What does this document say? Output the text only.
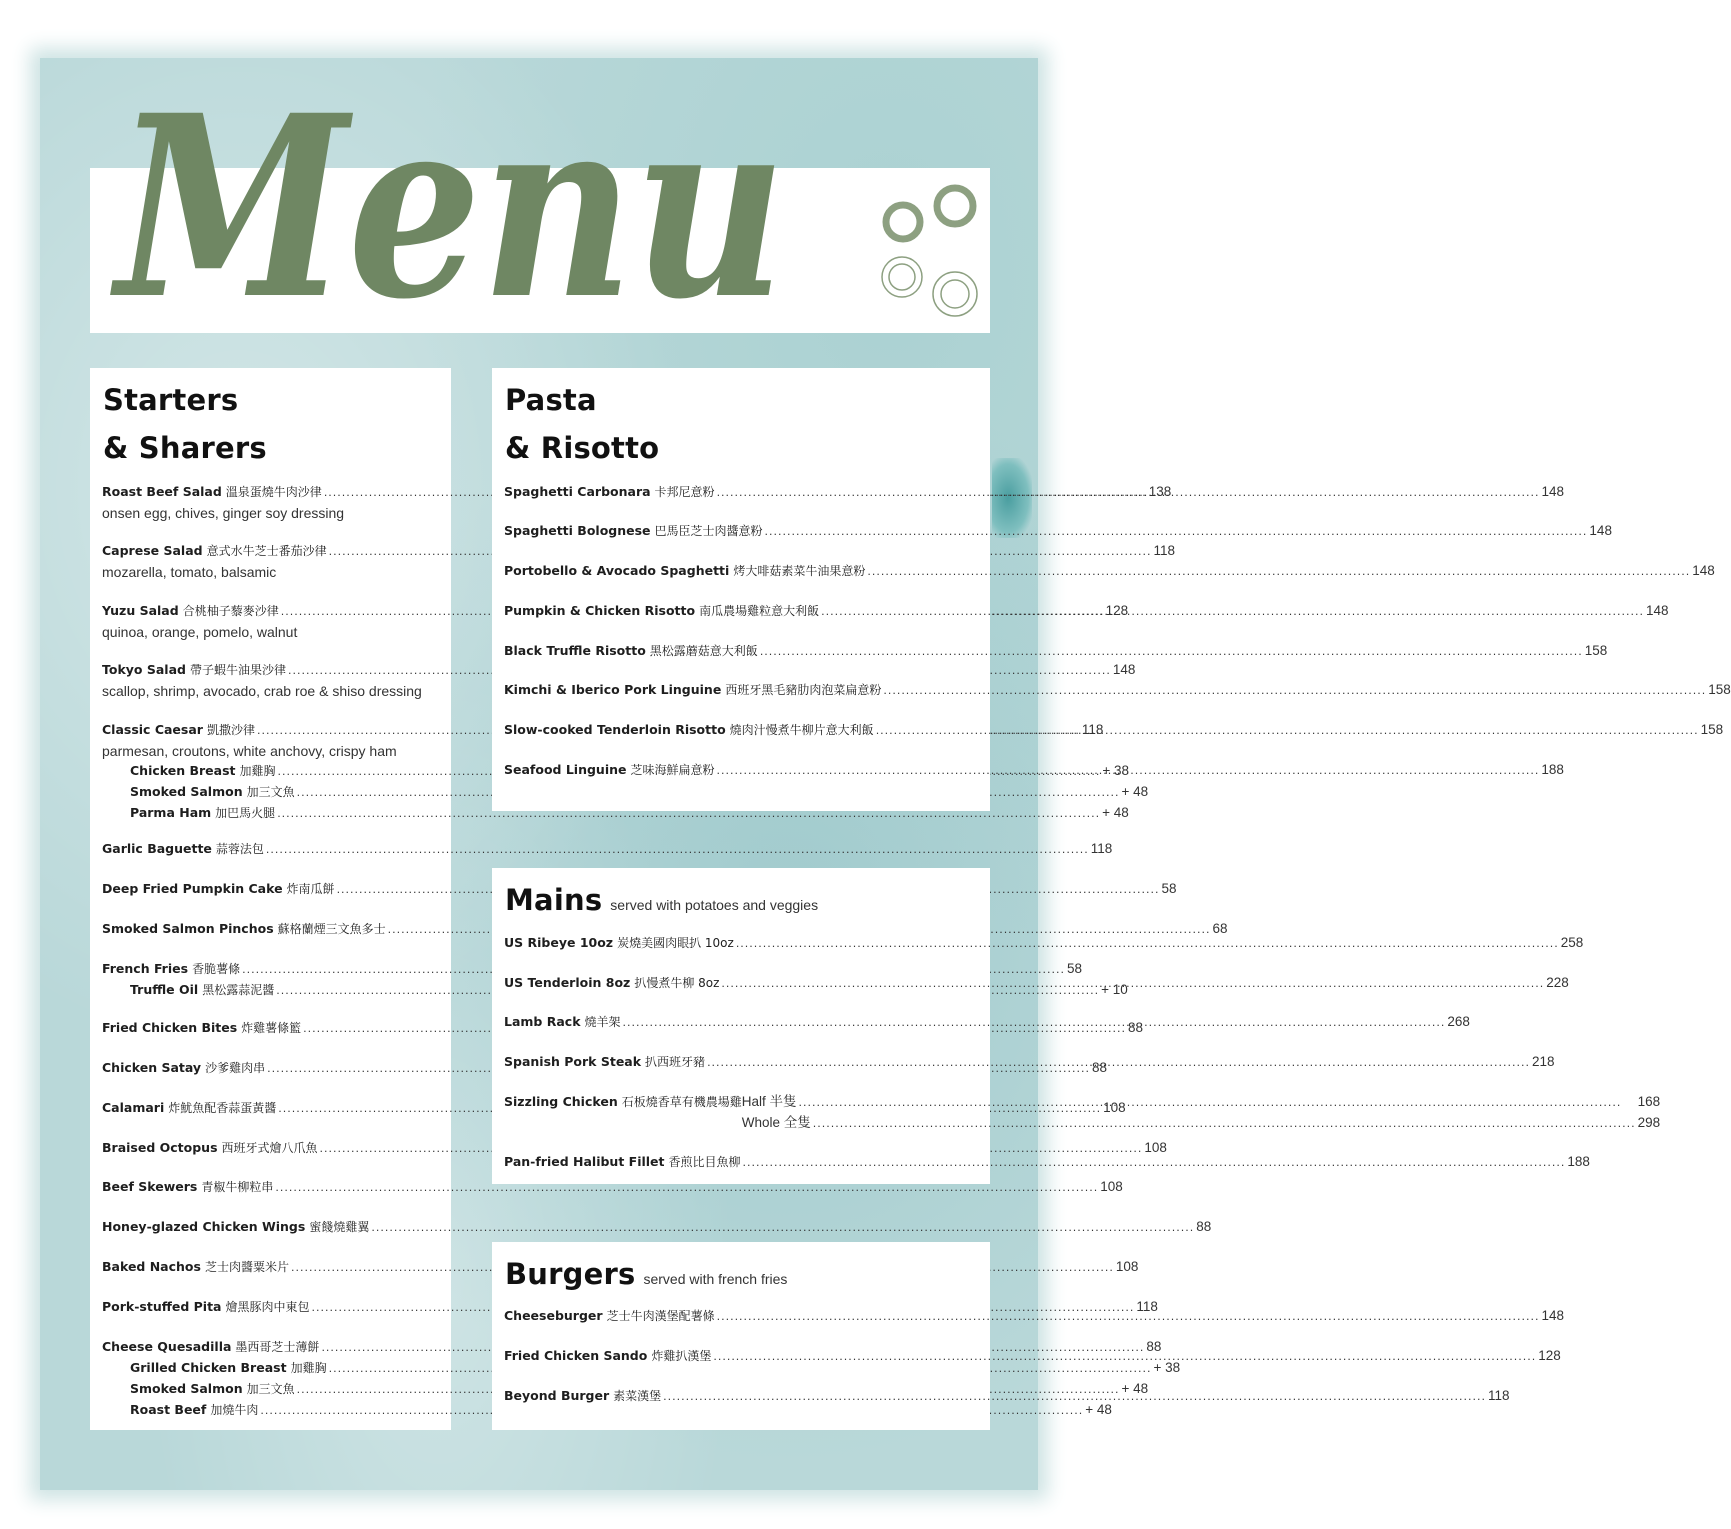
Menu
Starters
& Sharers
Roast Beef Salad 溫泉蛋燒牛肉沙律 .....	138
onsen egg, chives, ginger soy dressing
Caprese Salad 意式水牛芝士番茄沙律 .....	118
mozarella, tomato, balsamic
Yuzu Salad 合桃柚子藜麥沙律 .....	128
quinoa, orange, pomelo, walnut
Tokyo Salad 帶子蝦牛油果沙律 .....	148
scallop, shrimp, avocado, crab roe & shiso dressing
Classic Caesar 凱撒沙律 .....	118
parmesan, croutons, white anchovy, crispy ham
Chicken Breast 加雞胸 .....	+ 38
Smoked Salmon 加三文魚 .....	+ 48
Parma Ham 加巴馬火腿 .....	+ 48
Garlic Baguette 蒜蓉法包 .....	118
Deep Fried Pumpkin Cake 炸南瓜餅 .....	58
Smoked Salmon Pinchos 蘇格蘭煙三文魚多士 .....	68
French Fries 香脆薯條 .....	58
Truffle Oil 黑松露蒜泥醬 .....	+ 10
Fried Chicken Bites 炸雞薯條籃 .....	88
Chicken Satay 沙爹雞肉串 .....	88
Calamari 炸魷魚配香蒜蛋黃醬 .....	108
Braised Octopus 西班牙式燴八爪魚 .....	108
Beef Skewers 青椒牛柳粒串 .....	108
Honey-glazed Chicken Wings 蜜餞燒雞翼 .....	88
Baked Nachos 芝士肉醬粟米片 .....	108
Pork-stuffed Pita 燴黑豚肉中東包 .....	118
Cheese Quesadilla 墨西哥芝士薄餅 .....	88
Grilled Chicken Breast 加雞胸 .....	+ 38
Smoked Salmon 加三文魚 .....	+ 48
Roast Beef 加燒牛肉 .....	+ 48
Pasta
& Risotto
Spaghetti Carbonara 卡邦尼意粉 .....	148
Spaghetti Bolognese 巴馬臣芝士肉醬意粉 .....	148
Portobello & Avocado Spaghetti 烤大啡菇素菜牛油果意粉 .....	148
Pumpkin & Chicken Risotto 南瓜農場雞粒意大利飯 .....	148
Black Truffle Risotto 黑松露蘑菇意大利飯 .....	158
Kimchi & Iberico Pork Linguine 西班牙黑毛豬肋肉泡菜扁意粉 .....	158
Slow-cooked Tenderloin Risotto 燒肉汁慢煮牛柳片意大利飯 .....	158
Seafood Linguine 芝味海鮮扁意粉 .....	188
Mains served with potatoes and veggies
US Ribeye 10oz 炭燒美國肉眼扒 10oz .....	258
US Tenderloin 8oz 扒慢煮牛柳 8oz .....	228
Lamb Rack 燒羊架 .....	268
Spanish Pork Steak 扒西班牙豬 .....	218
Sizzling Chicken 石板燒香草有機農場雞 Half 半隻 .....	168
Whole 全隻 .....	298
Pan-fried Halibut Fillet 香煎比目魚柳 .....	188
Burgers served with french fries
Cheeseburger 芝士牛肉漢堡配薯條 .....	148
Fried Chicken Sando 炸雞扒漢堡 .....	128
Beyond Burger 素菜漢堡 .....	118
